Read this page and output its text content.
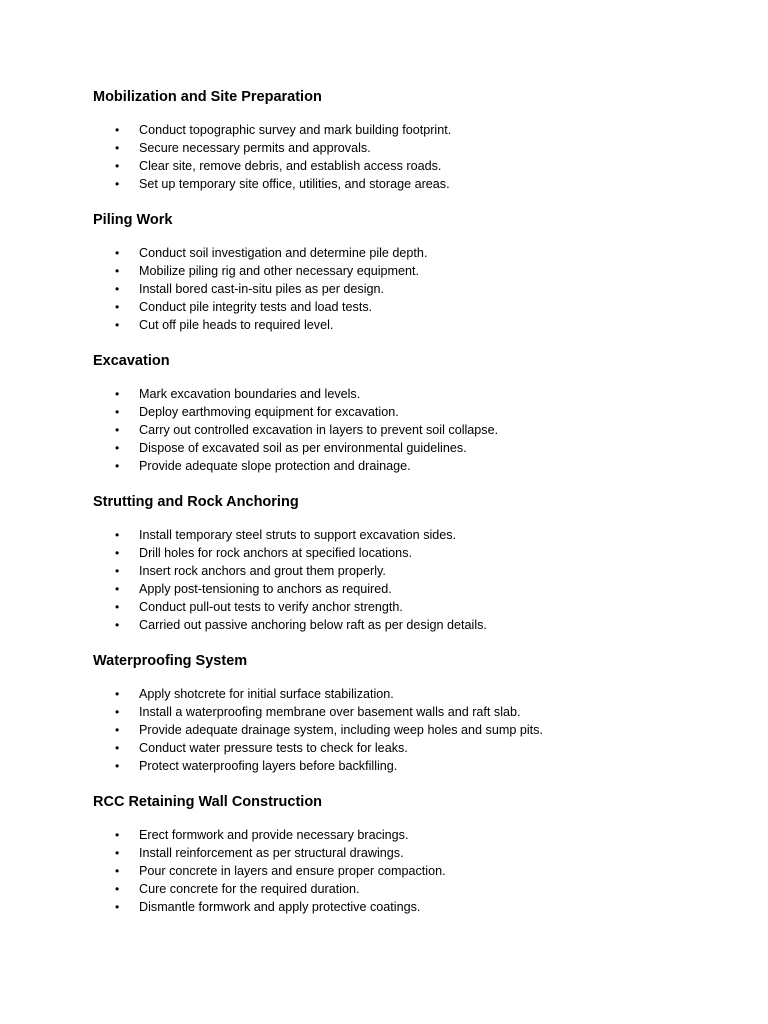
Mobilization and Site Preparation
• Conduct topographic survey and mark building footprint.
• Secure necessary permits and approvals.
• Clear site, remove debris, and establish access roads.
• Set up temporary site office, utilities, and storage areas.
Piling Work
• Conduct soil investigation and determine pile depth.
• Mobilize piling rig and other necessary equipment.
• Install bored cast-in-situ piles as per design.
• Conduct pile integrity tests and load tests.
• Cut off pile heads to required level.
Excavation
• Mark excavation boundaries and levels.
• Deploy earthmoving equipment for excavation.
• Carry out controlled excavation in layers to prevent soil collapse.
• Dispose of excavated soil as per environmental guidelines.
• Provide adequate slope protection and drainage.
Strutting and Rock Anchoring
• Install temporary steel struts to support excavation sides.
• Drill holes for rock anchors at specified locations.
• Insert rock anchors and grout them properly.
• Apply post-tensioning to anchors as required.
• Conduct pull-out tests to verify anchor strength.
• Carried out passive anchoring below raft as per design details.
Waterproofing System
• Apply shotcrete for initial surface stabilization.
• Install a waterproofing membrane over basement walls and raft slab.
• Provide adequate drainage system, including weep holes and sump pits.
• Conduct water pressure tests to check for leaks.
• Protect waterproofing layers before backfilling.
RCC Retaining Wall Construction
• Erect formwork and provide necessary bracings.
• Install reinforcement as per structural drawings.
• Pour concrete in layers and ensure proper compaction.
• Cure concrete for the required duration.
• Dismantle formwork and apply protective coatings.
